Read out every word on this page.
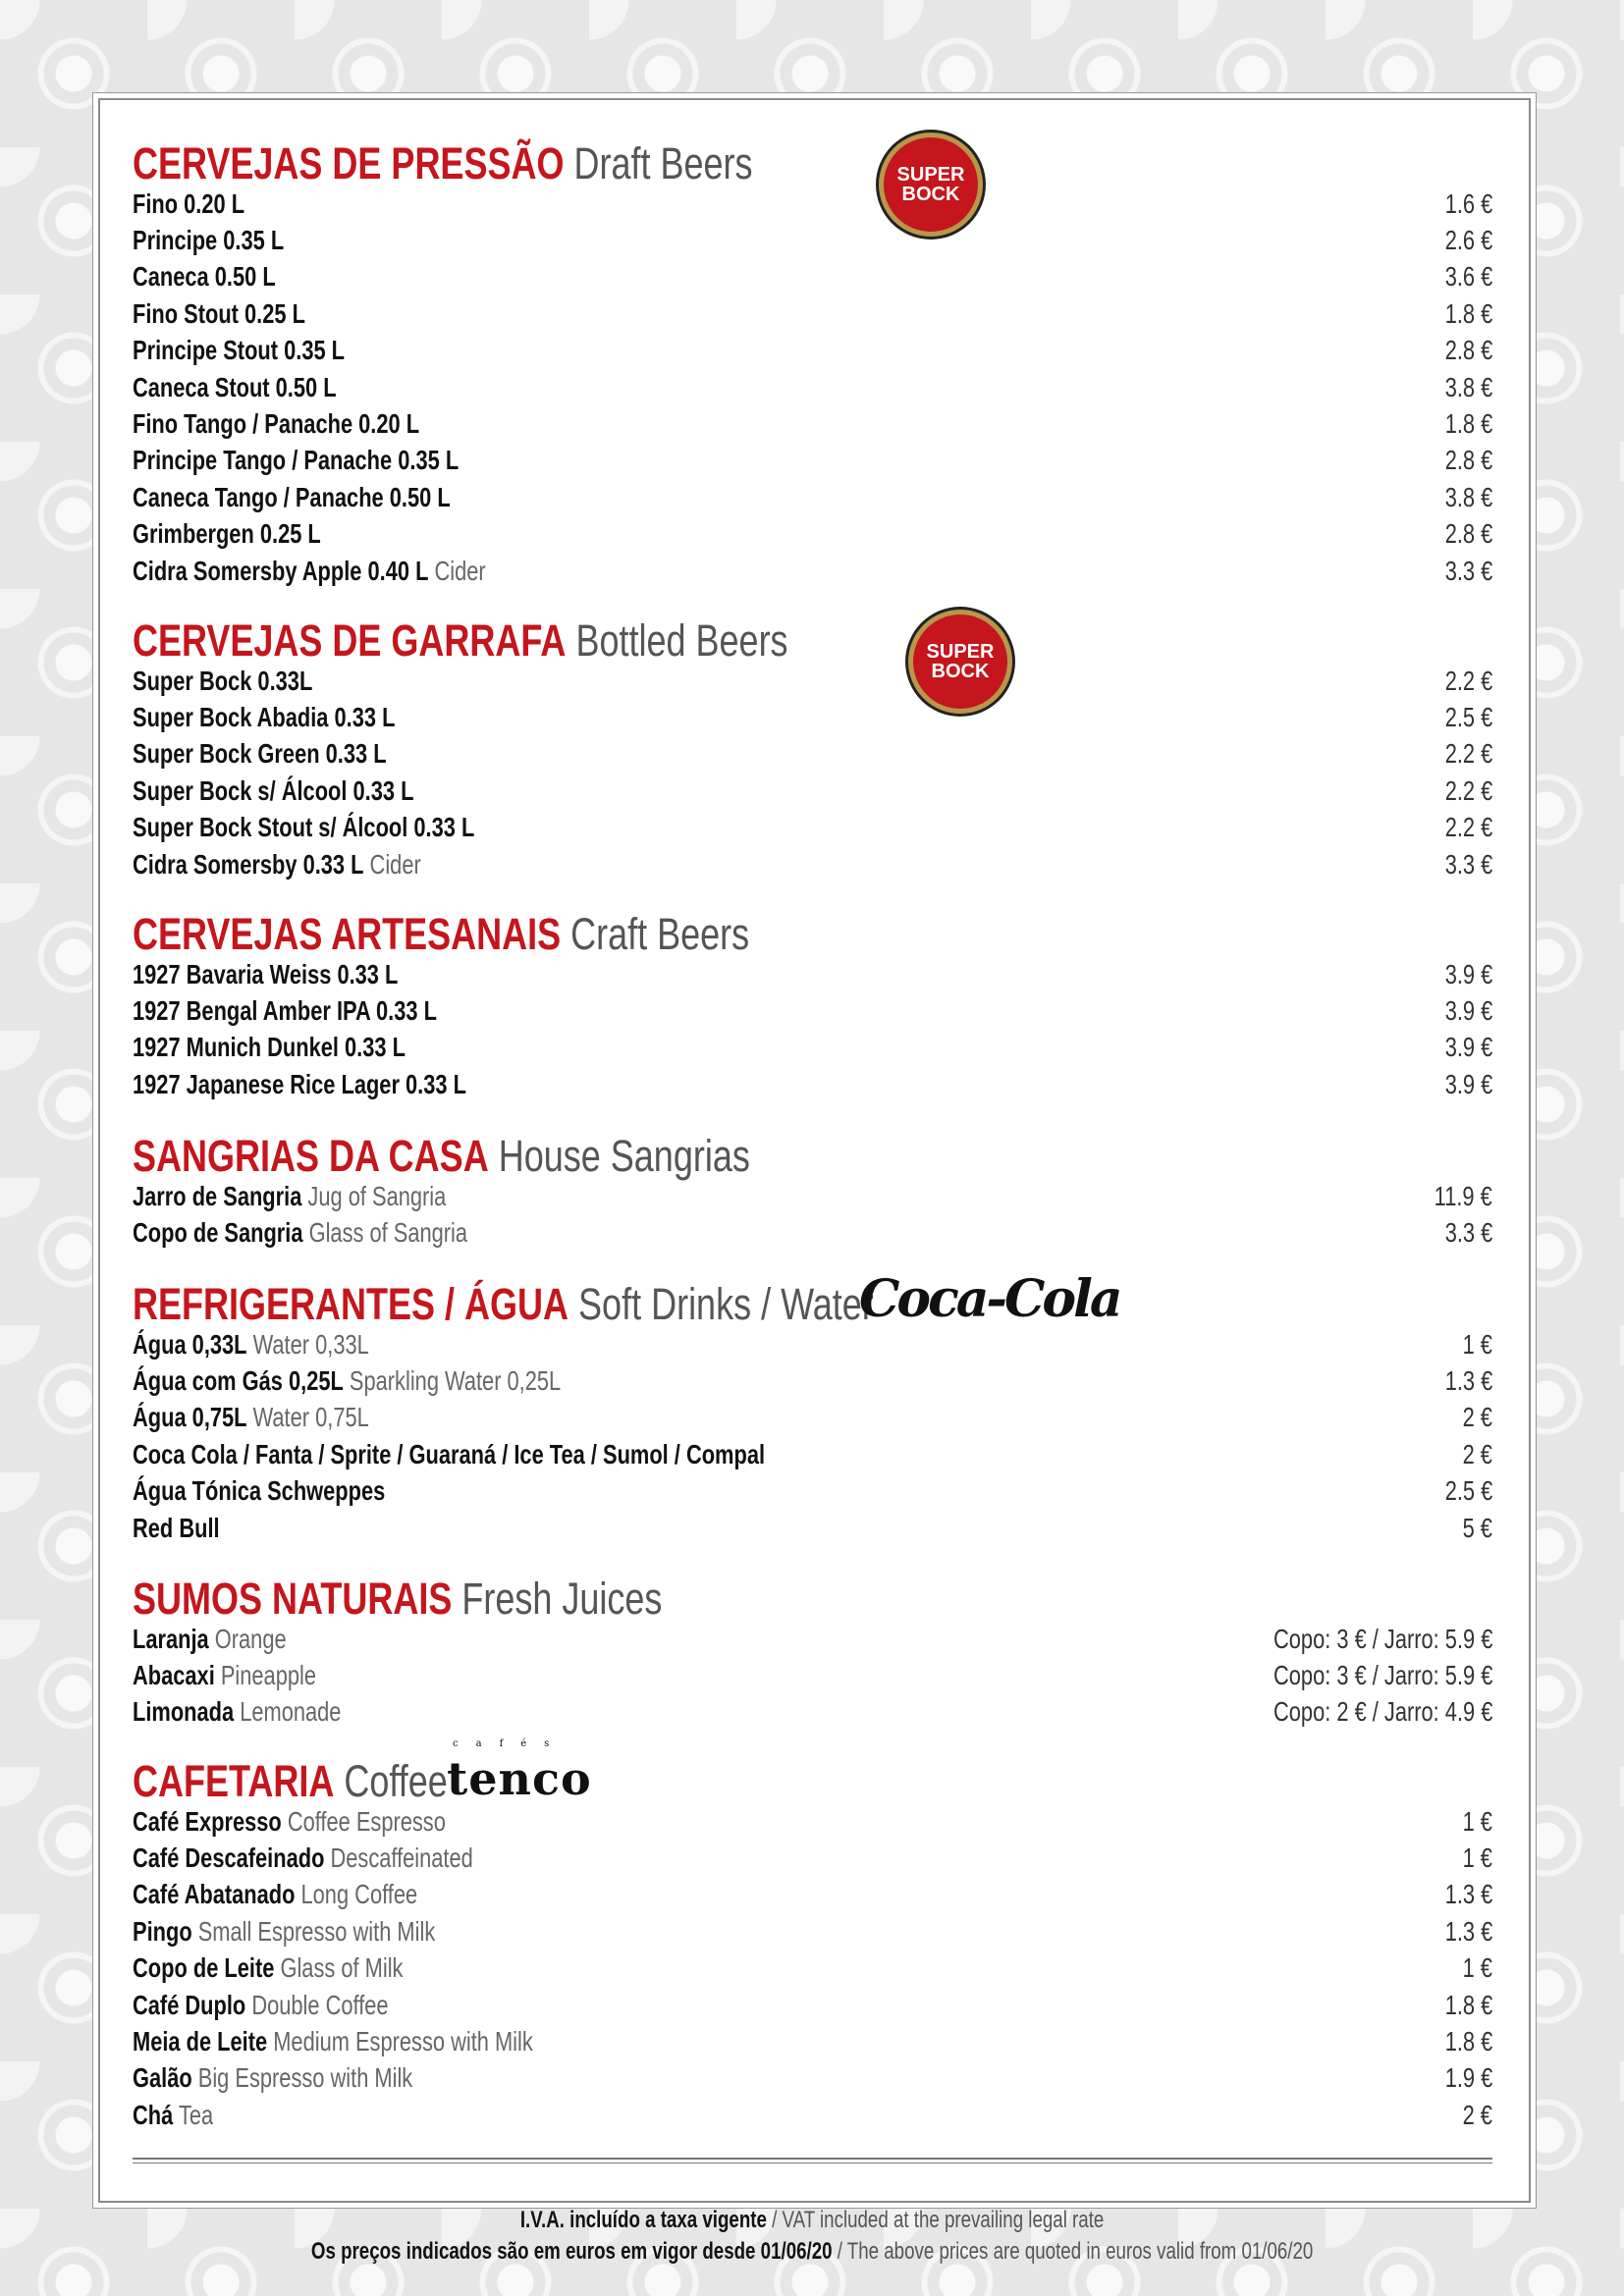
CERVEJAS DE PRESSÃO Draft Beers	SUPER
BOCK
Fino 0.20 L	1.6 €
Principe 0.35 L	2.6 €
Caneca 0.50 L	3.6 €
Fino Stout 0.25 L	1.8 €
Principe Stout 0.35 L	2.8 €
Caneca Stout 0.50 L	3.8 €
Fino Tango / Panache 0.20 L	1.8 €
Principe Tango / Panache 0.35 L	2.8 €
Caneca Tango / Panache 0.50 L	3.8 €
Grimbergen 0.25 L	2.8 €
Cidra Somersby Apple 0.40 L Cider	3.3 €
CERVEJAS DE GARRAFA Bottled Beers	SUPER
BOCK
Super Bock 0.33L	2.2 €
Super Bock Abadia 0.33 L	2.5 €
Super Bock Green 0.33 L	2.2 €
Super Bock s/ Álcool 0.33 L	2.2 €
Super Bock Stout s/ Álcool 0.33 L	2.2 €
Cidra Somersby 0.33 L Cider	3.3 €
CERVEJAS ARTESANAIS Craft Beers
1927 Bavaria Weiss 0.33 L	3.9 €
1927 Bengal Amber IPA 0.33 L	3.9 €
1927 Munich Dunkel 0.33 L	3.9 €
1927 Japanese Rice Lager 0.33 L	3.9 €
SANGRIAS DA CASA House Sangrias
Jarro de Sangria Jug of Sangria	11.9 €
Copo de Sangria Glass of Sangria	3.3 €
REFRIGERANTES / ÁGUA Soft Drinks / Water
Coca-Cola
Água 0,33L Water 0,33L	1 €
Água com Gás 0,25L Sparkling Water 0,25L	1.3 €
Água 0,75L Water 0,75L	2 €
Coca Cola / Fanta / Sprite / Guaraná / Ice Tea / Sumol / Compal	2 €
Água Tónica Schweppes	2.5 €
Red Bull	5 €
SUMOS NATURAIS Fresh Juices
Laranja Orange	Copo: 3 € / Jarro: 5.9 €
Abacaxi Pineapple	Copo: 3 € / Jarro: 5.9 €
Limonada Lemonade	Copo: 2 € / Jarro: 4.9 €
CAFETARIA Coffee
cafés
tenco
Café Expresso Coffee Espresso	1 €
Café Descafeinado Descaffeinated	1 €
Café Abatanado Long Coffee	1.3 €
Pingo Small Espresso with Milk	1.3 €
Copo de Leite Glass of Milk	1 €
Café Duplo Double Coffee	1.8 €
Meia de Leite Medium Espresso with Milk	1.8 €
Galão Big Espresso with Milk	1.9 €
Chá Tea	2 €
I.V.A. incluído a taxa vigente / VAT included at the prevailing legal rate
Os preços indicados são em euros em vigor desde 01/06/20 / The above prices are quoted in euros valid from 01/06/20
